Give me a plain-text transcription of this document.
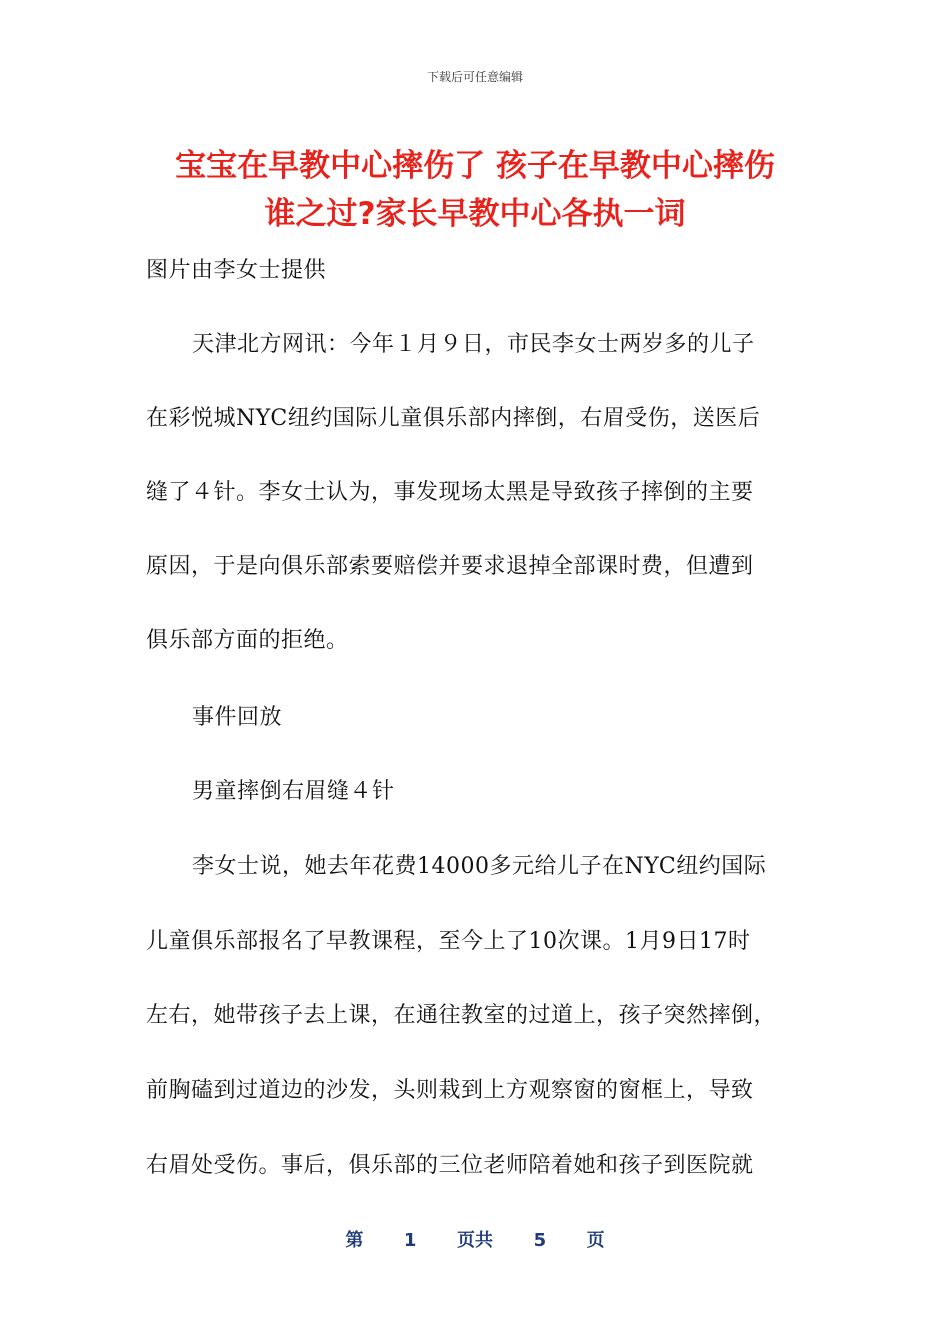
下载后可任意编辑
宝宝在早教中心摔伤了 孩子在早教中心摔伤
谁之过?家长早教中心各执一词
图片由李女士提供
天津北方网讯：今年１月９日，市民李女士两岁多的儿子
在彩悦城NYC纽约国际儿童俱乐部内摔倒，右眉受伤，送医后
缝了４针。李女士认为，事发现场太黑是导致孩子摔倒的主要
原因，于是向俱乐部索要赔偿并要求退掉全部课时费，但遭到
俱乐部方面的拒绝。
事件回放
男童摔倒右眉缝４针
李女士说，她去年花费14000多元给儿子在NYC纽约国际
儿童俱乐部报名了早教课程，至今上了10次课。1月9日17时
左右，她带孩子去上课，在通往教室的过道上，孩子突然摔倒，
前胸磕到过道边的沙发，头则栽到上方观察窗的窗框上，导致
右眉处受伤。事后，俱乐部的三位老师陪着她和孩子到医院就
第 1 页共 5 页
